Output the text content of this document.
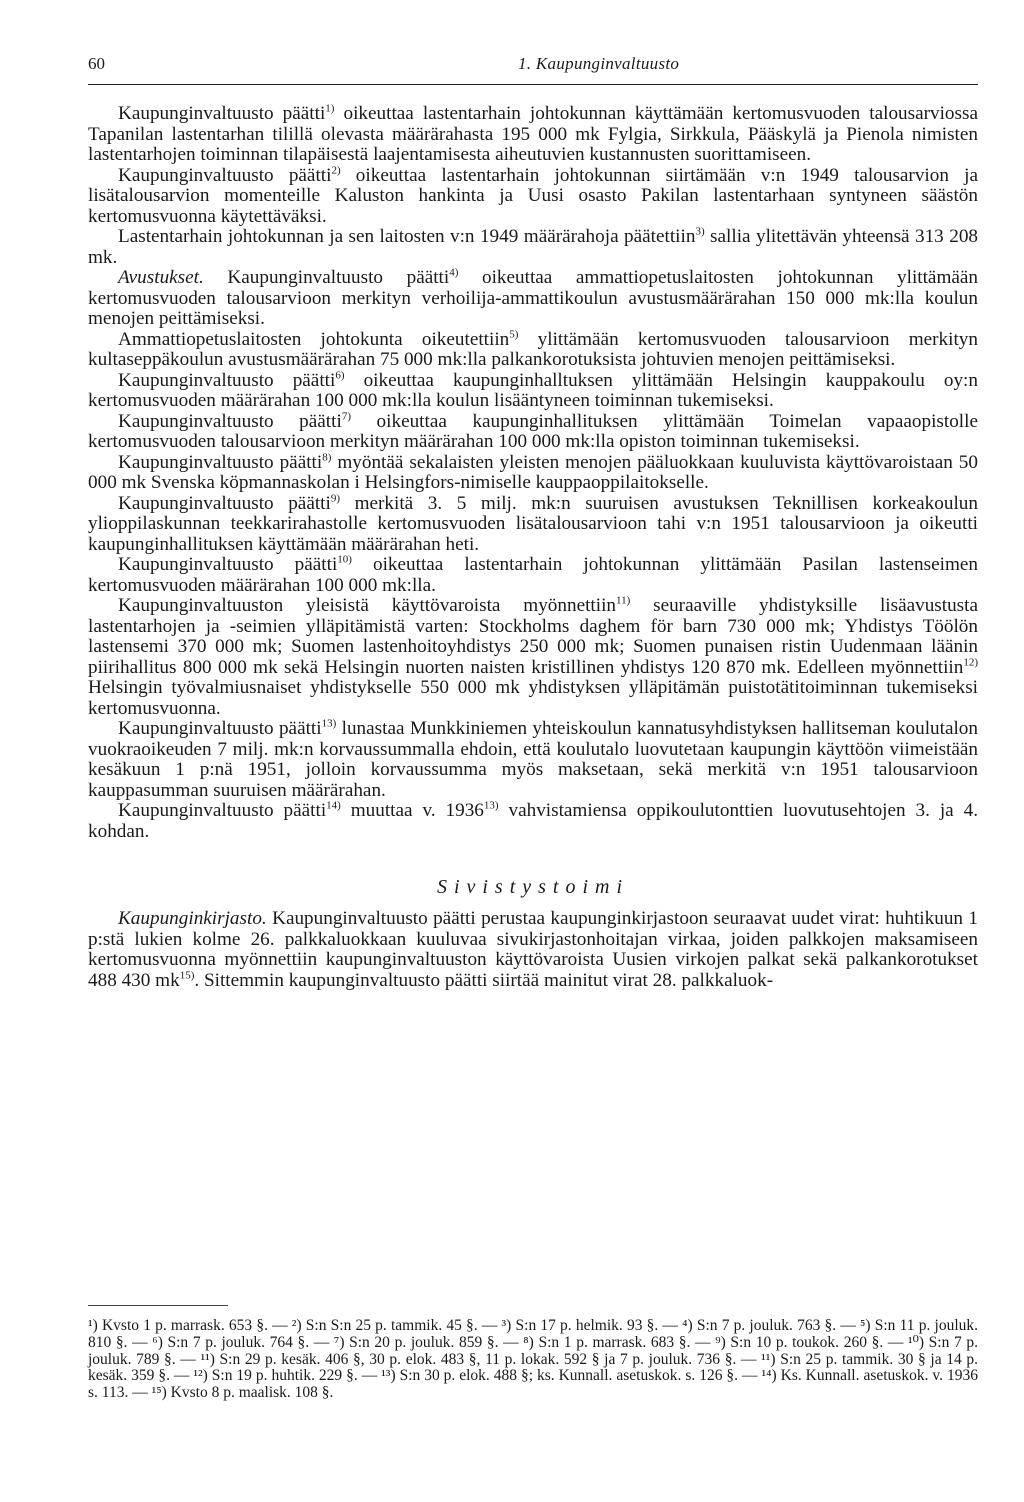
60	1. Kaupunginvaltuusto

Kaupunginvaltuusto päätti$^{1)}$ oikeuttaa lastentarhain johtokunnan käyttämään kertomusvuoden talousarviossa Tapanilan lastentarhan tilillä olevasta määrärahasta 195 000 mk Fylgia, Sirkkula, Pääskylä ja Pienola nimisten lastentarhojen toiminnan tilapäisestä laajentamisesta aiheutuvien kustannusten suorittamiseen.

Kaupunginvaltuusto päätti$^{2)}$ oikeuttaa lastentarhain johtokunnan siirtämään v:n 1949 talousarvion ja lisätalousarvion momenteille Kaluston hankinta ja Uusi osasto Pakilan lastentarhaan syntyneen säästön kertomusvuonna käytettäväksi.

Lastentarhain johtokunnan ja sen laitosten v:n 1949 määrärahoja päätettiin$^{3)}$ sallia ylitettävän yhteensä 313 208 mk.

Avustukset. Kaupunginvaltuusto päätti$^{4)}$ oikeuttaa ammattiopetuslaitosten johtokunnan ylittämään kertomusvuoden talousarvioon merkityn verhoilija-ammattikoulun avustusmäärärahan 150 000 mk:lla koulun menojen peittämiseksi.

Ammattiopetuslaitosten johtokunta oikeutettiin$^{5)}$ ylittämään kertomusvuoden talousarvioon merkityn kultaseppäkoulun avustusmäärärahan 75 000 mk:lla palkankorotuksista johtuvien menojen peittämiseksi.

Kaupunginvaltuusto päätti$^{6)}$ oikeuttaa kaupunginhalltuksen ylittämään Helsingin kauppakoulu oy:n kertomusvuoden määrärahan 100 000 mk:lla koulun lisääntyneen toiminnan tukemiseksi.

Kaupunginvaltuusto päätti$^{7)}$ oikeuttaa kaupunginhallituksen ylittämään Toimelan vapaaopistolle kertomusvuoden talousarvioon merkityn määrärahan 100 000 mk:lla opiston toiminnan tukemiseksi.

Kaupunginvaltuusto päätti$^{8)}$ myöntää sekalaisten yleisten menojen pääluokkaan kuuluvista käyttövaroistaan 50 000 mk Svenska köpmannaskolan i Helsingfors-nimiselle kauppaoppilaitokselle.

Kaupunginvaltuusto päätti$^{9)}$ merkitä 3. 5 milj. mk:n suuruisen avustuksen Teknillisen korkeakoulun ylioppilaskunnan teekkarirahastolle kertomusvuoden lisätalousarvioon tahi v:n 1951 talousarvioon ja oikeutti kaupunginhallituksen käyttämään määrärahan heti.

Kaupunginvaltuusto päätti$^{10)}$ oikeuttaa lastentarhain johtokunnan ylittämään Pasilan lastenseimen kertomusvuoden määrärahan 100 000 mk:lla.

Kaupunginvaltuuston yleisistä käyttövaroista myönnettiin$^{11)}$ seuraaville yhdistyksille lisäavustusta lastentarhojen ja -seimien ylläpitämistä varten: Stockholms daghem för barn 730 000 mk; Yhdistys Töölön lastensemi 370 000 mk; Suomen lastenhoitoyhdistys 250 000 mk; Suomen punaisen ristin Uudenmaan läänin piirihallitus 800 000 mk sekä Helsingin nuorten naisten kristillinen yhdistys 120 870 mk. Edelleen myönnettiin$^{12)}$ Helsingin työvalmiusnaiset yhdistykselle 550 000 mk yhdistyksen ylläpitämän puistotätitoiminnan tukemiseksi kertomusvuonna.

Kaupunginvaltuusto päätti$^{13)}$ lunastaa Munkkiniemen yhteiskoulun kannatusyhdistyksen hallitseman koulutalon vuokraoikeuden 7 milj. mk:n korvaussummalla ehdoin, että koulutalo luovutetaan kaupungin käyttöön viimeistään kesäkuun 1 p:nä 1951, jolloin korvaussumma myös maksetaan, sekä merkitä v:n 1951 talousarvioon kauppasumman suuruisen määrärahan.

Kaupunginvaltuusto päätti$^{14)}$ muuttaa v. 1936$^{13)}$ vahvistamiensa oppikoulutonttien luovutusehtojen 3. ja 4. kohdan.

Sivistystoimi

Kaupunginkirjasto. Kaupunginvaltuusto päätti perustaa kaupunginkirjastoon seuraavat uudet virat: huhtikuun 1 p:stä lukien kolme 26. palkkaluokkaan kuuluvaa sivukirjastonhoitajan virkaa, joiden palkkojen maksamiseen kertomusvuonna myönnettiin kaupunginvaltuuston käyttövaroista Uusien virkojen palkat sekä palkankorotukset 488 430 $mk^{15)}$. Sittemmin kaupunginvaltuusto päätti siirtää mainitut virat 28. palkkaluok-

¹) Kvsto 1 p. marrask. 653 §. — ²) S:n S:n 25 p. tammik. 45 §. — ³) S:n 17 p. helmik. 93 §. — ⁴) S:n 7 p. jouluk. 763 §. — ⁵) S:n 11 p. jouluk. 810 §. — ⁶) S:n 7 p. jouluk. 764 §. — ⁷) S:n 20 p. jouluk. 859 §. — ⁸) S:n 1 p. marrask. 683 §. — ⁹) S:n 10 p. toukok. 260 §. — ¹⁰) S:n 7 p. jouluk. 789 §. — ¹¹) S:n 29 p. kesäk. 406 §, 30 p. elok. 483 §, 11 p. lokak. 592 § ja 7 p. jouluk. 736 §. — ¹¹) S:n 25 p. tammik. 30 § ja 14 p. kesäk. 359 §. — ¹²) S:n 19 p. huhtik. 229 §. — ¹³) S:n 30 p. elok. 488 §; ks. Kunnall. asetuskok. s. 126 §. — ¹⁴) Ks. Kunnall. asetuskok. v. 1936 s. 113. — ¹⁵) Kvsto 8 p. maalisk. 108 §.
